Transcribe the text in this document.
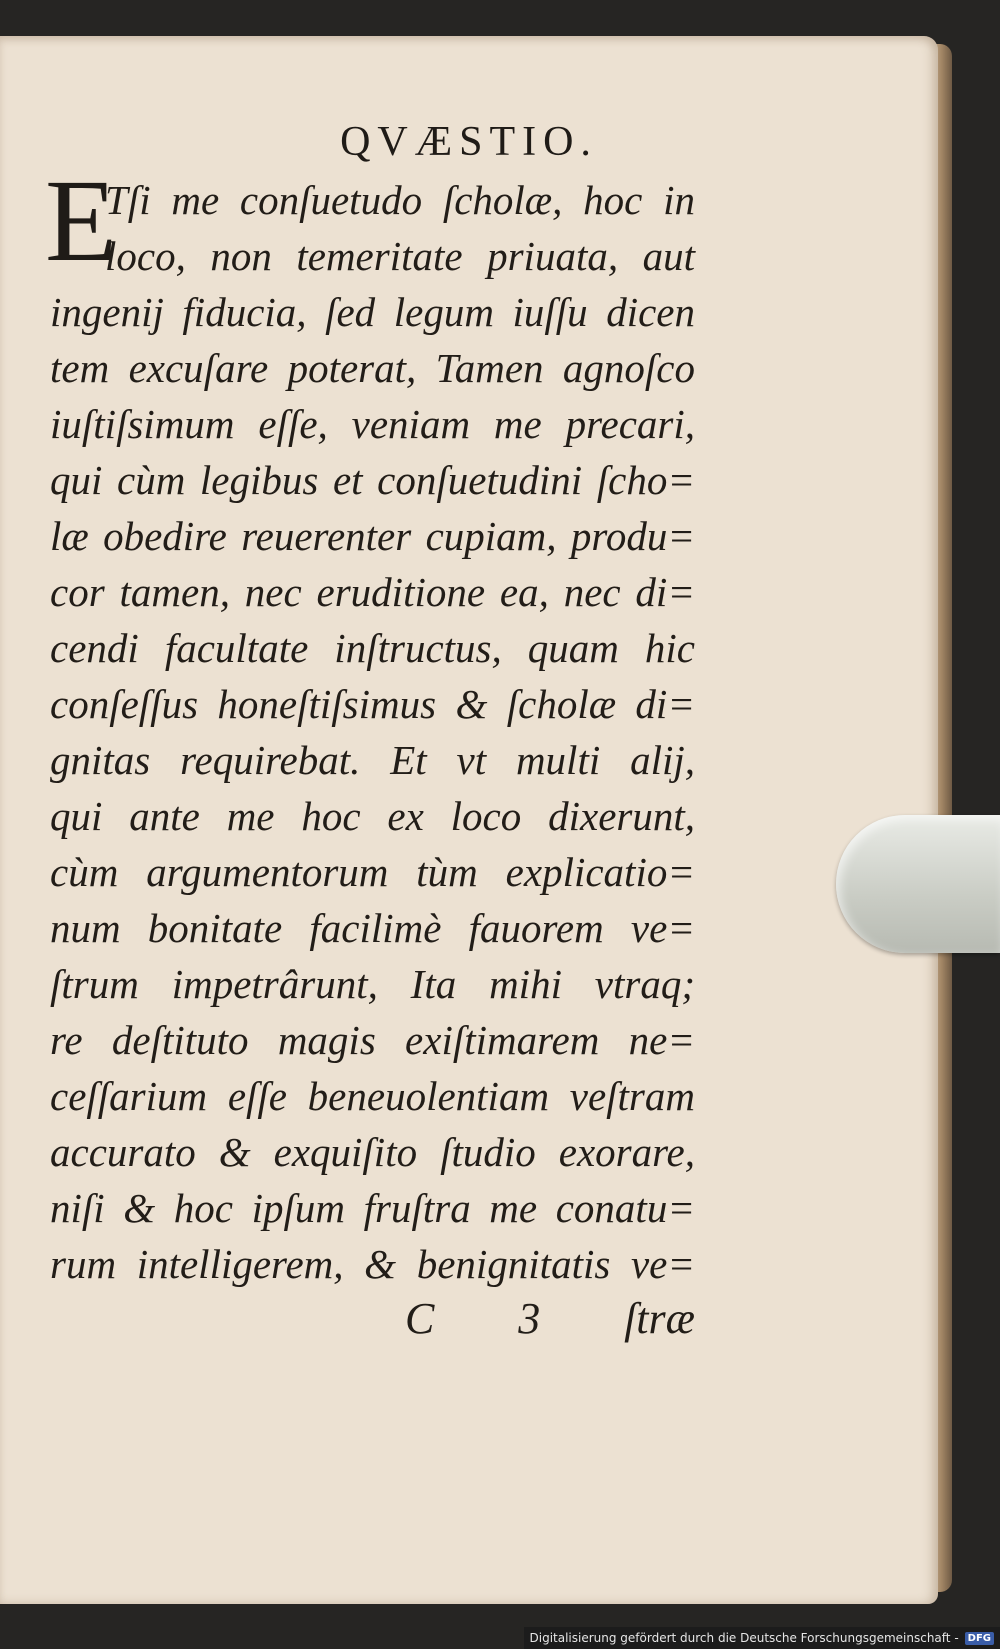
QVÆSTIO.
E
Tſi me conſuetudo ſcholæ, hoc in
loco, non temeritate priuata, aut
ingenij fiducia, ſed legum iuſſu dicen
tem excuſare poterat, Tamen agnoſco
iuſtiſsimum eſſe, veniam me precari,
qui cùm legibus et conſuetudini ſcho=
læ obedire reuerenter cupiam, produ=
cor tamen, nec eruditione ea, nec di=
cendi facultate inſtructus, quam hic
conſeſſus honeſtiſsimus & ſcholæ di=
gnitas requirebat. Et vt multi alij,
qui ante me hoc ex loco dixerunt,
cùm argumentorum tùm explicatio=
num bonitate facilimè fauorem ve=
ſtrum impetrârunt, Ita mihi vtraq;
re deſtituto magis exiſtimarem ne=
ceſſarium eſſe beneuolentiam veſtram
accurato & exquiſito ſtudio exorare,
niſi & hoc ipſum fruſtra me conatu=
rum intelligerem, & benignitatis ve=
C 3 ſtræ
Digitalisierung gefördert durch die Deutsche Forschungsgemeinschaft - DFG
